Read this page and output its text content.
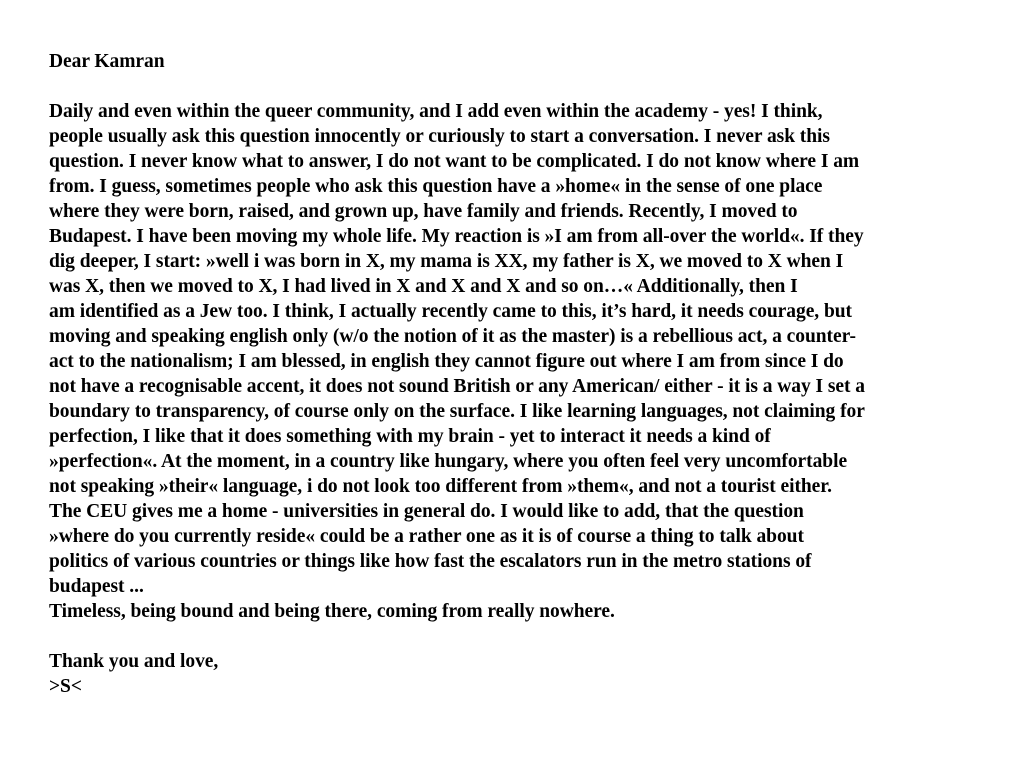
Dear Kamran

Daily and even within the queer community, and I add even within the academy - yes! I think,

people usually ask this question innocently or curiously to start a conversation. I never ask this

question. I never know what to answer, I do not want to be complicated. I do not know where I am

from. I guess, sometimes people who ask this question have a »home« in the sense of one place

where they were born, raised, and grown up, have family and friends. Recently, I moved to

Budapest. I have been moving my whole life. My reaction is »I am from all-over the world«. If they

dig deeper, I start: »well i was born in X, my mama is XX, my father is X, we moved to X when I

was X, then we moved to X, I had lived in X and X and X and so on…« Additionally, then I

am identified as a Jew too. I think, I actually recently came to this, it’s hard, it needs courage, but

moving and speaking english only (w/o the notion of it as the master) is a rebellious act, a counter-

act to the nationalism; I am blessed, in english they cannot figure out where I am from since I do

not have a recognisable accent, it does not sound British or any American/ either - it is a way I set a

boundary to transparency, of course only on the surface. I like learning languages, not claiming for

perfection, I like that it does something with my brain - yet to interact it needs a kind of

»perfection«. At the moment, in a country like hungary, where you often feel very uncomfortable

not speaking »their« language, i do not look too different from »them«, and not a tourist either.

The CEU gives me a home - universities in general do. I would like to add, that the question

»where do you currently reside« could be a rather one as it is of course a thing to talk about

politics of various countries or things like how fast the escalators run in the metro stations of

budapest ...

Timeless, being bound and being there, coming from really nowhere.

Thank you and love,

>S<
